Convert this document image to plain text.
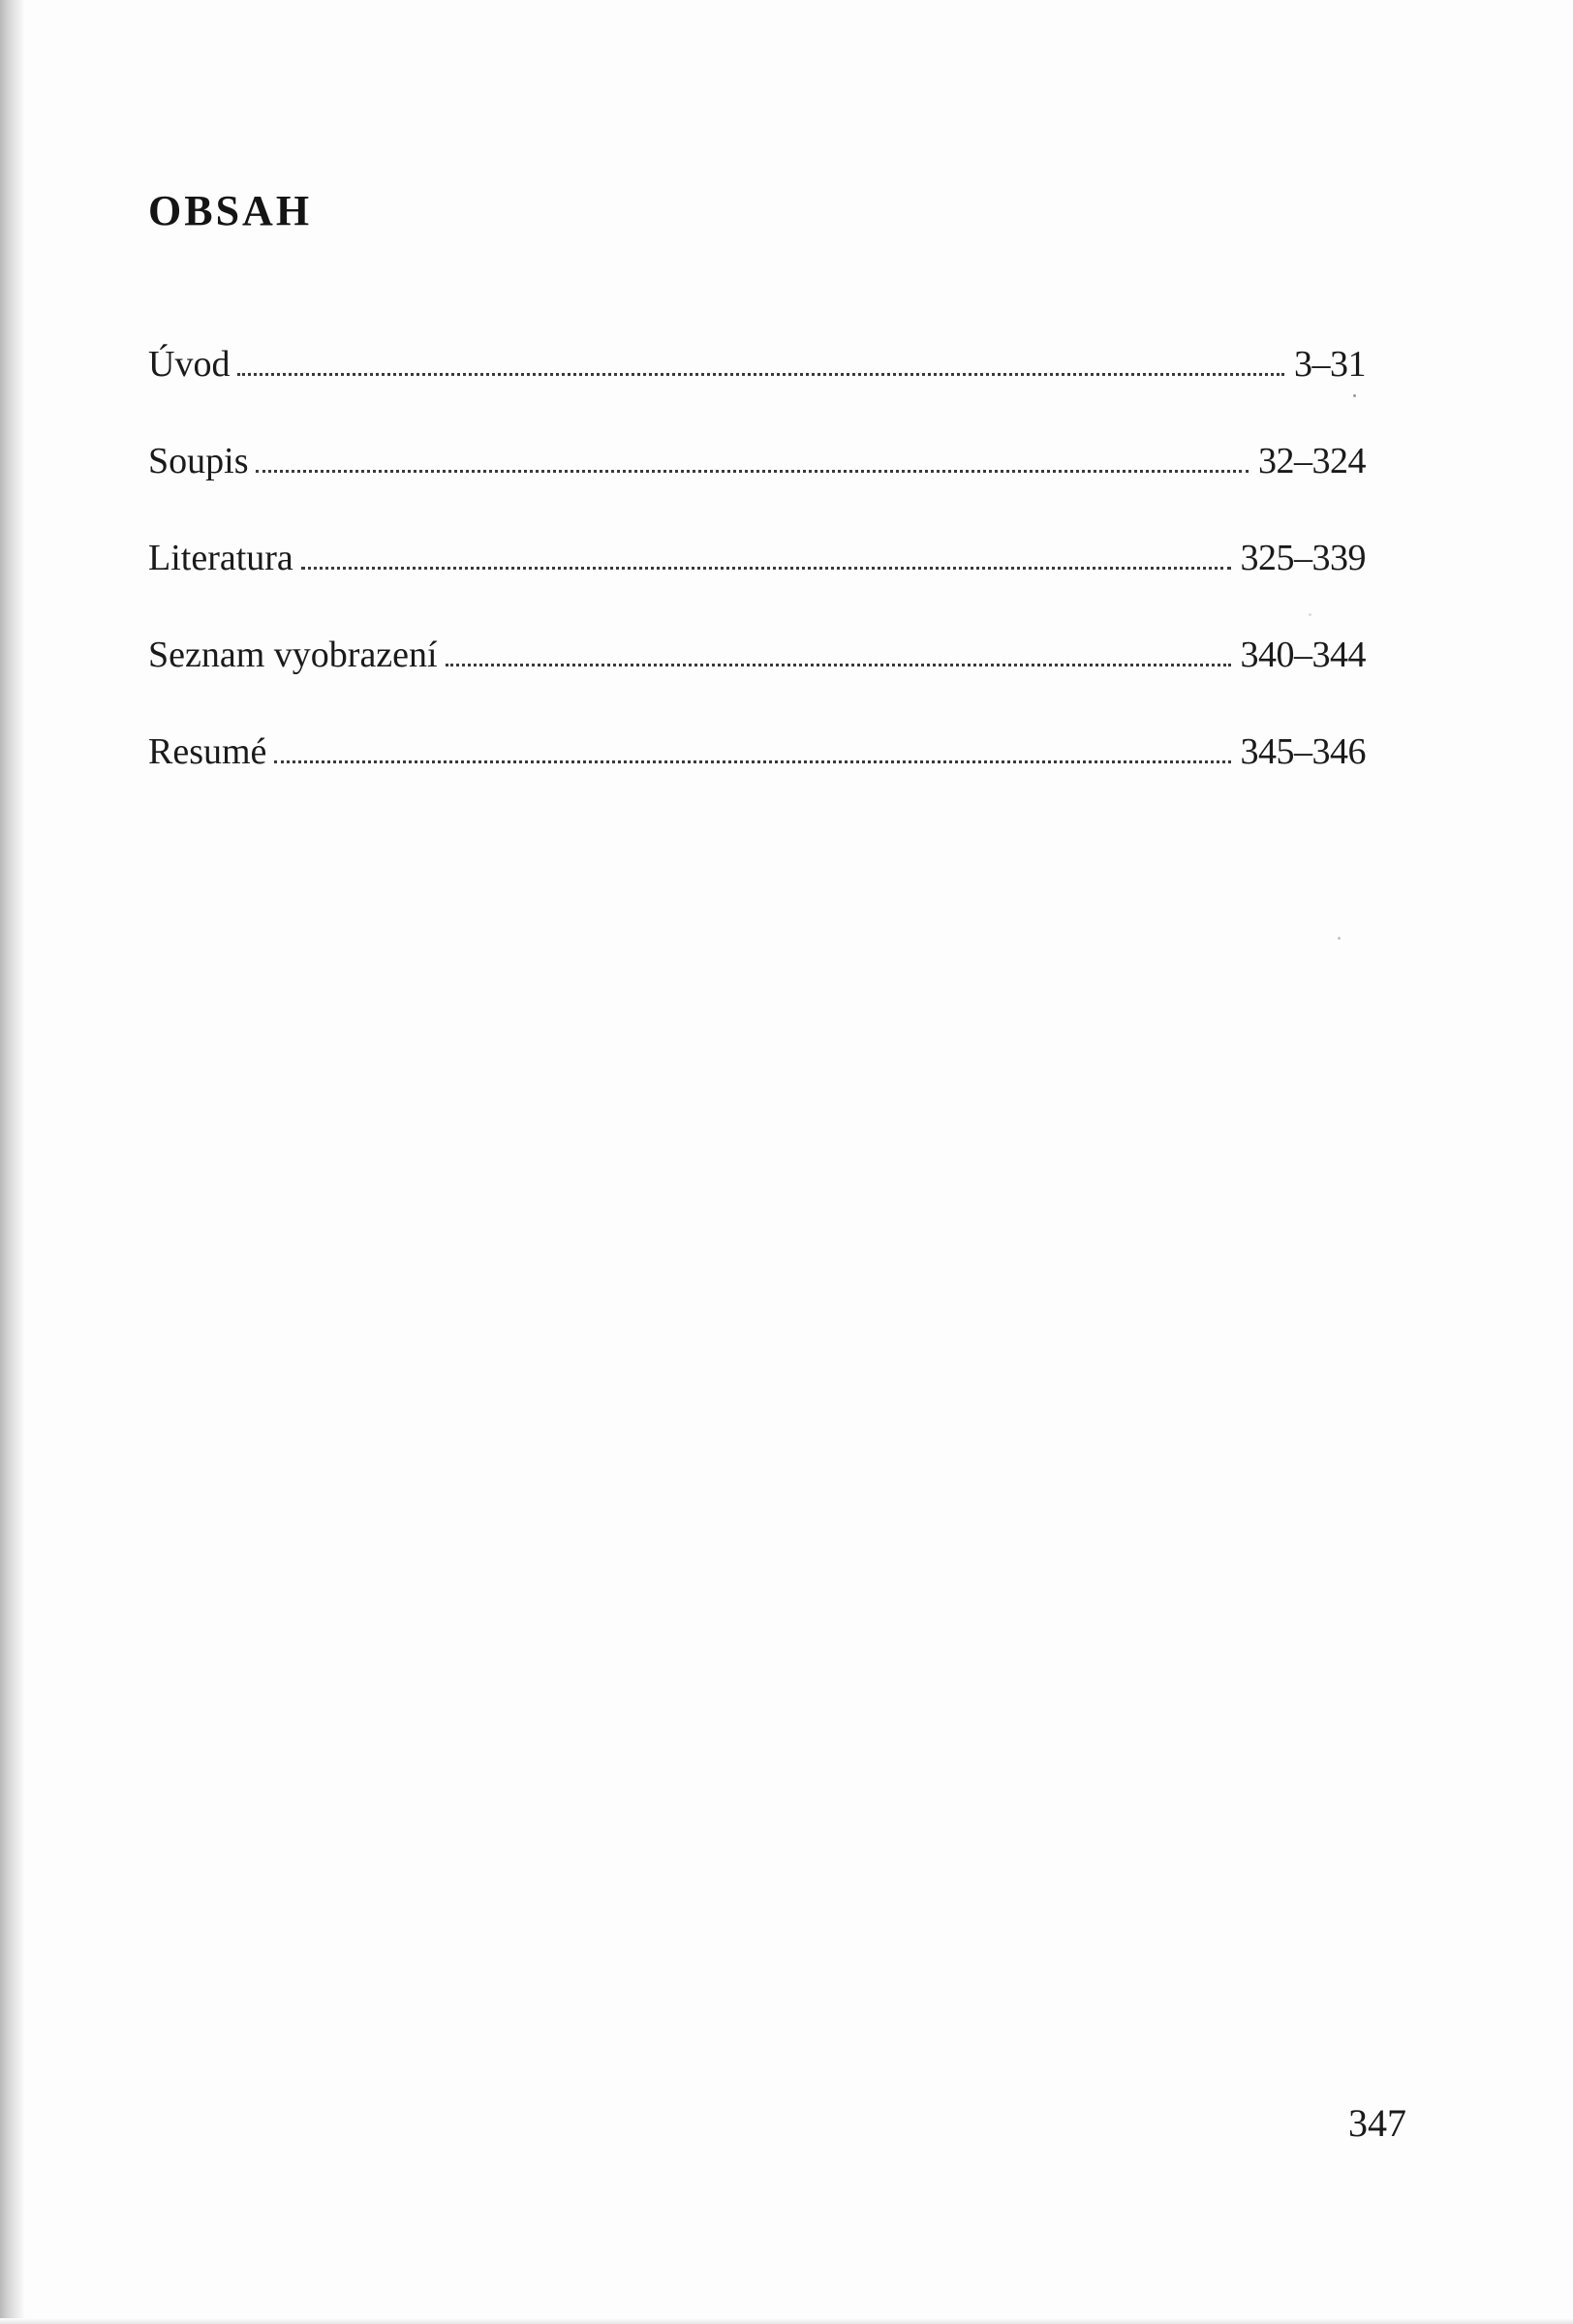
OBSAH
Úvod	3–31
Soupis	32–324
Literatura	325–339
Seznam vyobrazení	340–344
Resumé	345–346
347
